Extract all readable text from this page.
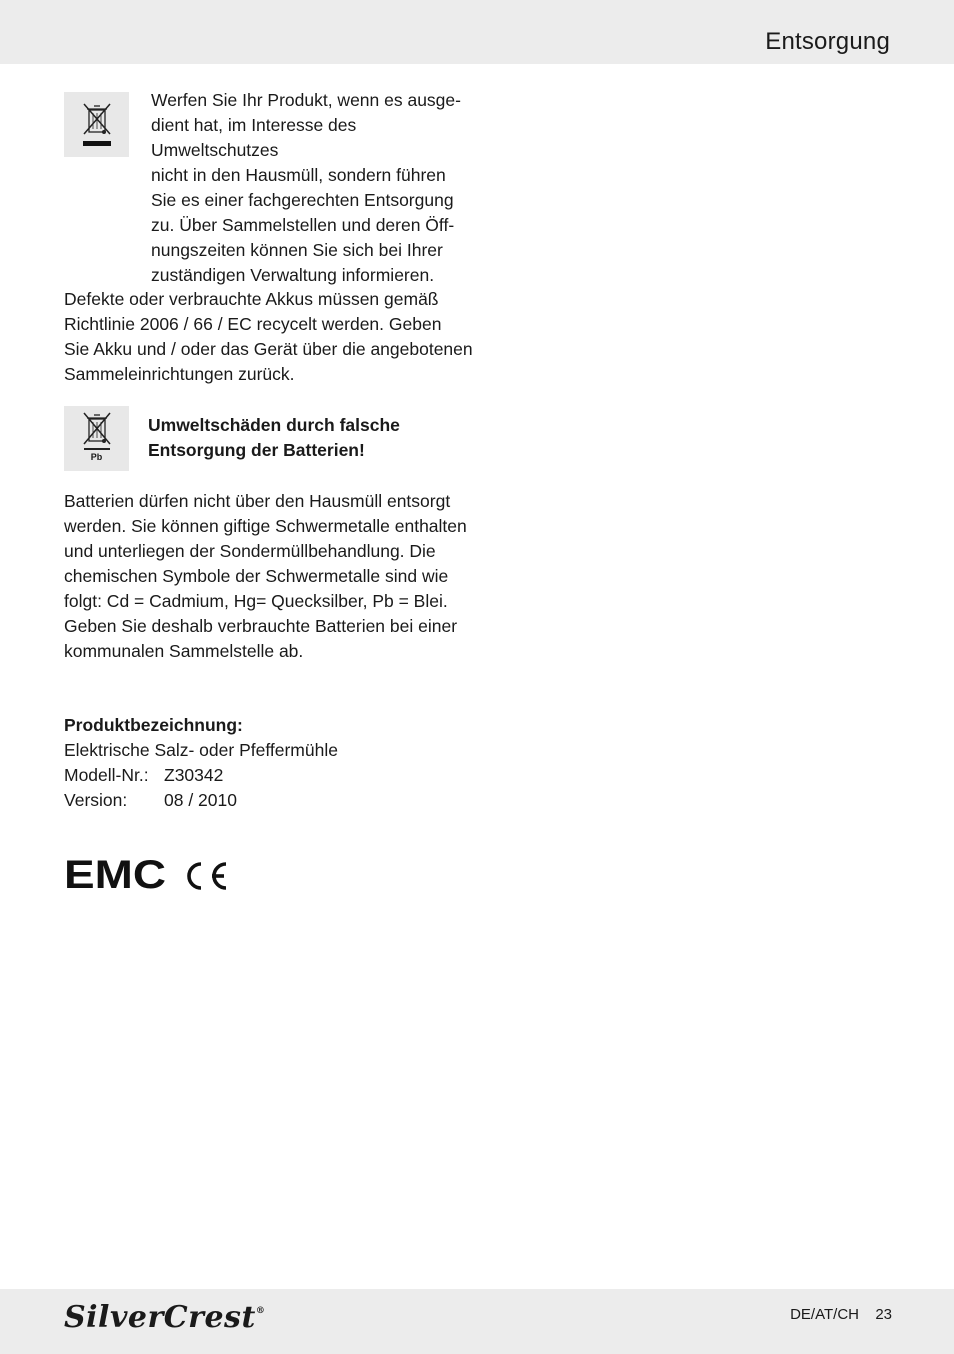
Entsorgung
Werfen Sie Ihr Produkt, wenn es ausge-
dient hat, im Interesse des Umweltschutzes
nicht in den Hausmüll, sondern führen
Sie es einer fachgerechten Entsorgung
zu. Über Sammelstellen und deren Öff-
nungszeiten können Sie sich bei Ihrer
zuständigen Verwaltung informieren.
Defekte oder verbrauchte Akkus müssen gemäß
Richtlinie 2006 / 66 / EC recycelt werden. Geben
Sie Akku und / oder das Gerät über die angebotenen
Sammeleinrichtungen zurück.
Pb
Umweltschäden durch falsche
Entsorgung der Batterien!
Batterien dürfen nicht über den Hausmüll entsorgt
werden. Sie können giftige Schwermetalle enthalten
und unterliegen der Sondermüllbehandlung. Die
chemischen Symbole der Schwermetalle sind wie
folgt: Cd = Cadmium, Hg= Quecksilber, Pb = Blei.
Geben Sie deshalb verbrauchte Batterien bei einer
kommunalen Sammelstelle ab.
Produktbezeichnung:
Elektrische Salz- oder Pfeffermühle
Modell-Nr.: Z30342
Version:	08 / 2010
EMC
SilverCrest®	DE/AT/CH 23
